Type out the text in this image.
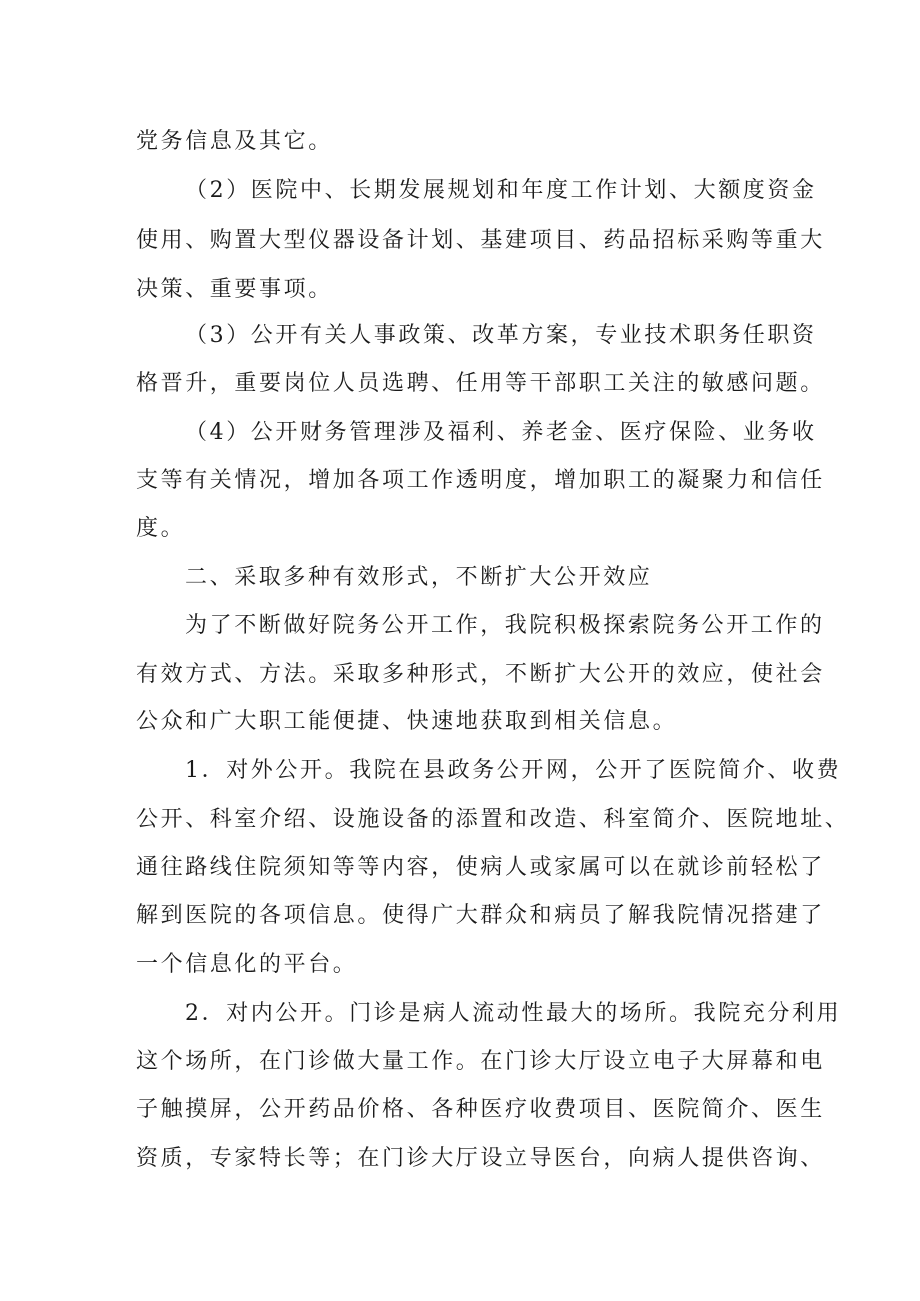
党务信息及其它。
（2）医院中、长期发展规划和年度工作计划、大额度资金
使用、购置大型仪器设备计划、基建项目、药品招标采购等重大
决策、重要事项。
（3）公开有关人事政策、改革方案，专业技术职务任职资
格晋升，重要岗位人员选聘、任用等干部职工关注的敏感问题。
（4）公开财务管理涉及福利、养老金、医疗保险、业务收
支等有关情况，增加各项工作透明度，增加职工的凝聚力和信任
度。
二、采取多种有效形式，不断扩大公开效应
为了不断做好院务公开工作，我院积极探索院务公开工作的
有效方式、方法。采取多种形式，不断扩大公开的效应，使社会
公众和广大职工能便捷、快速地获取到相关信息。
1．对外公开。我院在县政务公开网，公开了医院简介、收费
公开、科室介绍、设施设备的添置和改造、科室简介、医院地址、
通往路线住院须知等等内容，使病人或家属可以在就诊前轻松了
解到医院的各项信息。使得广大群众和病员了解我院情况搭建了
一个信息化的平台。
2．对内公开。门诊是病人流动性最大的场所。我院充分利用
这个场所，在门诊做大量工作。在门诊大厅设立电子大屏幕和电
子触摸屏，公开药品价格、各种医疗收费项目、医院简介、医生
资质，专家特长等；在门诊大厅设立导医台，向病人提供咨询、
